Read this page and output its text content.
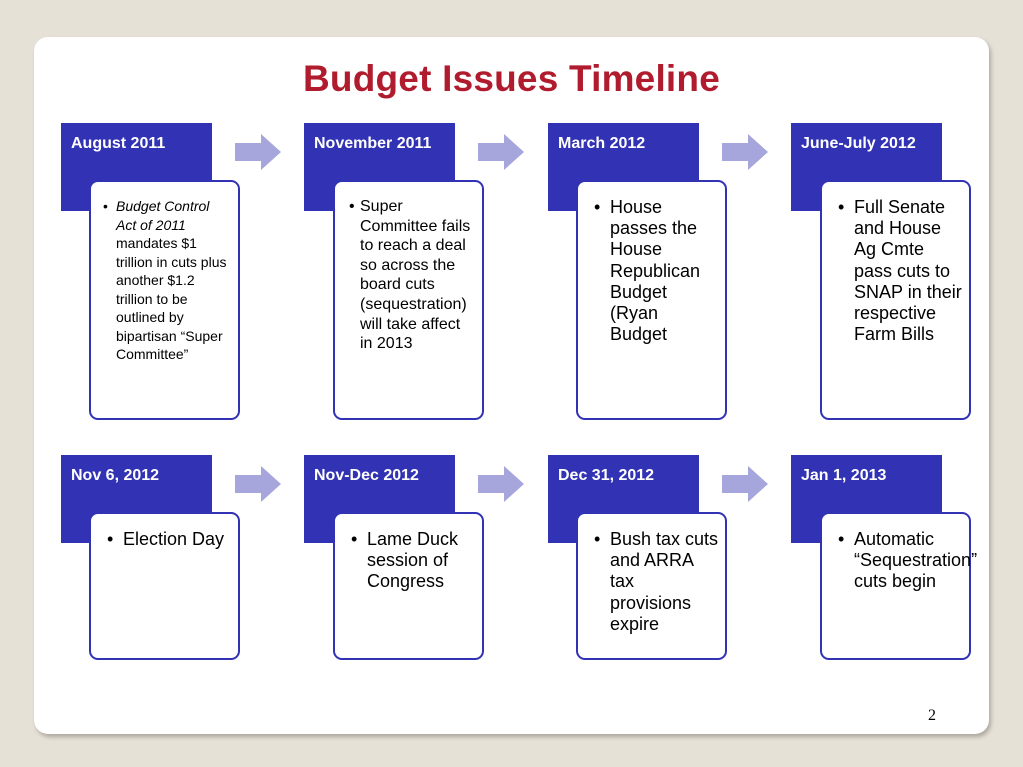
Budget Issues Timeline
August 2011
• Budget Control Act of 2011 mandates $1 trillion in cuts plus another $1.2 trillion to be outlined by bipartisan “Super Committee”
November 2011
• Super Committee fails to reach a deal so across the board cuts (sequestration) will take affect in 2013
March 2012
• House passes the House Republican Budget (Ryan Budget
June-July 2012
• Full Senate and House Ag Cmte pass cuts to SNAP in their respective Farm Bills
Nov 6, 2012
• Election Day
Nov-Dec 2012
• Lame Duck session of Congress
Dec 31, 2012
• Bush tax cuts and ARRA tax provisions expire
Jan 1, 2013
• Automatic “Sequestration” cuts begin
2
